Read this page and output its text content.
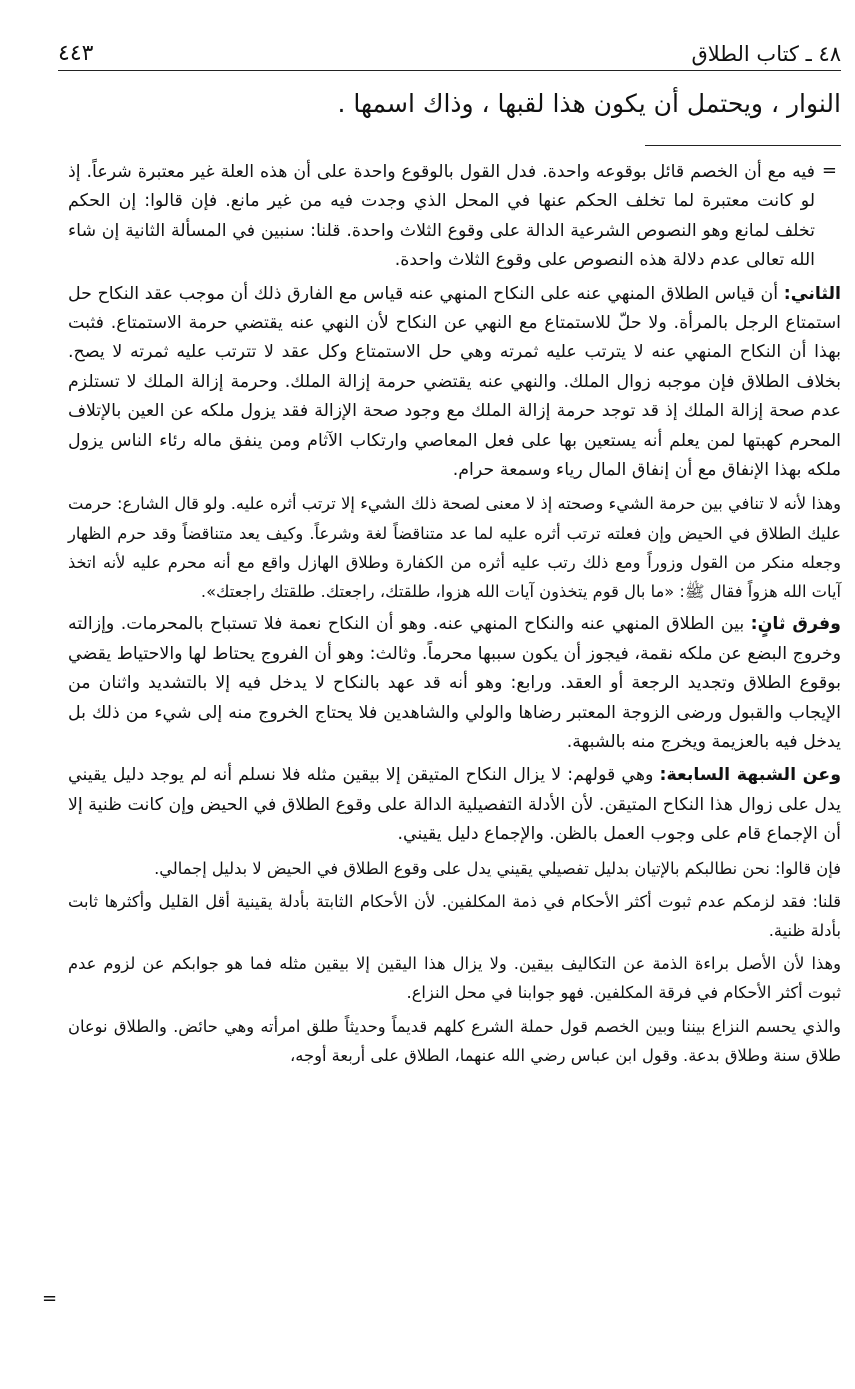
٤٨ ـ كتاب الطلاق
٤٤٣
النوار ، ويحتمل أن يكون هذا لقبها ، وذاك اسمها .
=

فيه مع أن الخصم قائل بوقوعه واحدة. فدل القول بالوقوع واحدة على أن هذه العلة غير معتبرة شرعاً. إذ لو كانت معتبرة لما تخلف الحكم عنها في المحل الذي وجدت فيه من غير مانع. فإن قالوا: إن الحكم تخلف لمانع وهو النصوص الشرعية الدالة على وقوع الثلاث واحدة. قلنا: سنبين في المسألة الثانية إن شاء الله تعالى عدم دلالة هذه النصوص على وقوع الثلاث واحدة.

الثاني: أن قياس الطلاق المنهي عنه على النكاح المنهي عنه قياس مع الفارق ذلك أن موجب عقد النكاح حل استمتاع الرجل بالمرأة. ولا حلّ للاستمتاع مع النهي عن النكاح لأن النهي عنه يقتضي حرمة الاستمتاع. فثبت بهذا أن النكاح المنهي عنه لا يترتب عليه ثمرته وهي حل الاستمتاع وكل عقد لا تترتب عليه ثمرته لا يصح. بخلاف الطلاق فإن موجبه زوال الملك. والنهي عنه يقتضي حرمة إزالة الملك. وحرمة إزالة الملك لا تستلزم عدم صحة إزالة الملك إذ قد توجد حرمة إزالة الملك مع وجود صحة الإزالة فقد يزول ملكه عن العين بالإتلاف المحرم كهبتها لمن يعلم أنه يستعين بها على فعل المعاصي وارتكاب الآثام ومن ينفق ماله رئاء الناس يزول ملكه بهذا الإنفاق مع أن إنفاق المال رياء وسمعة حرام.

وهذا لأنه لا تنافي بين حرمة الشيء وصحته إذ لا معنى لصحة ذلك الشيء إلا ترتب أثره عليه. ولو قال الشارع: حرمت عليك الطلاق في الحيض وإن فعلته ترتب أثره عليه لما عد متناقضاً لغة وشرعاً. وكيف يعد متناقضاً وقد حرم الظهار وجعله منكر من القول وزوراً ومع ذلك رتب عليه أثره من الكفارة وطلاق الهازل واقع مع أنه محرم عليه لأنه اتخذ آيات الله هزواً فقال ﷺ: «ما بال قوم يتخذون آيات الله هزوا، طلقتك، راجعتك. طلقتك راجعتك».

وفرق ثانٍ: بين الطلاق المنهي عنه والنكاح المنهي عنه. وهو أن النكاح نعمة فلا تستباح بالمحرمات. وإزالته وخروج البضع عن ملكه نقمة، فيجوز أن يكون سببها محرماً. وثالث: وهو أن الفروج يحتاط لها والاحتياط يقضي بوقوع الطلاق وتجديد الرجعة أو العقد. ورابع: وهو أنه قد عهد بالنكاح لا يدخل فيه إلا بالتشديد واثنان من الإيجاب والقبول ورضى الزوجة المعتبر رضاها والولي والشاهدين فلا يحتاج الخروج منه إلى شيء من ذلك بل يدخل فيه بالعزيمة ويخرج منه بالشبهة.

وعن الشبهة السابعة: وهي قولهم: لا يزال النكاح المتيقن إلا بيقين مثله فلا نسلم أنه لم يوجد دليل يقيني يدل على زوال هذا النكاح المتيقن. لأن الأدلة التفصيلية الدالة على وقوع الطلاق في الحيض وإن كانت ظنية إلا أن الإجماع قام على وجوب العمل بالظن. والإجماع دليل يقيني.

فإن قالوا: نحن نطالبكم بالإتيان بدليل تفصيلي يقيني يدل على وقوع الطلاق في الحيض لا بدليل إجمالي.

قلنا: فقد لزمكم عدم ثبوت أكثر الأحكام في ذمة المكلفين. لأن الأحكام الثابتة بأدلة يقينية أقل القليل وأكثرها ثابت بأدلة ظنية.

وهذا لأن الأصل براءة الذمة عن التكاليف بيقين. ولا يزال هذا اليقين إلا بيقين مثله فما هو جوابكم عن لزوم عدم ثبوت أكثر الأحكام في فرقة المكلفين. فهو جوابنا في محل النزاع.

والذي يحسم النزاع بيننا وبين الخصم قول حملة الشرع كلهم قديماً وحديثاً طلق امرأته وهي حائض. والطلاق نوعان طلاق سنة وطلاق بدعة. وقول ابن عباس رضي الله عنهما، الطلاق على أربعة أوجه،

=
